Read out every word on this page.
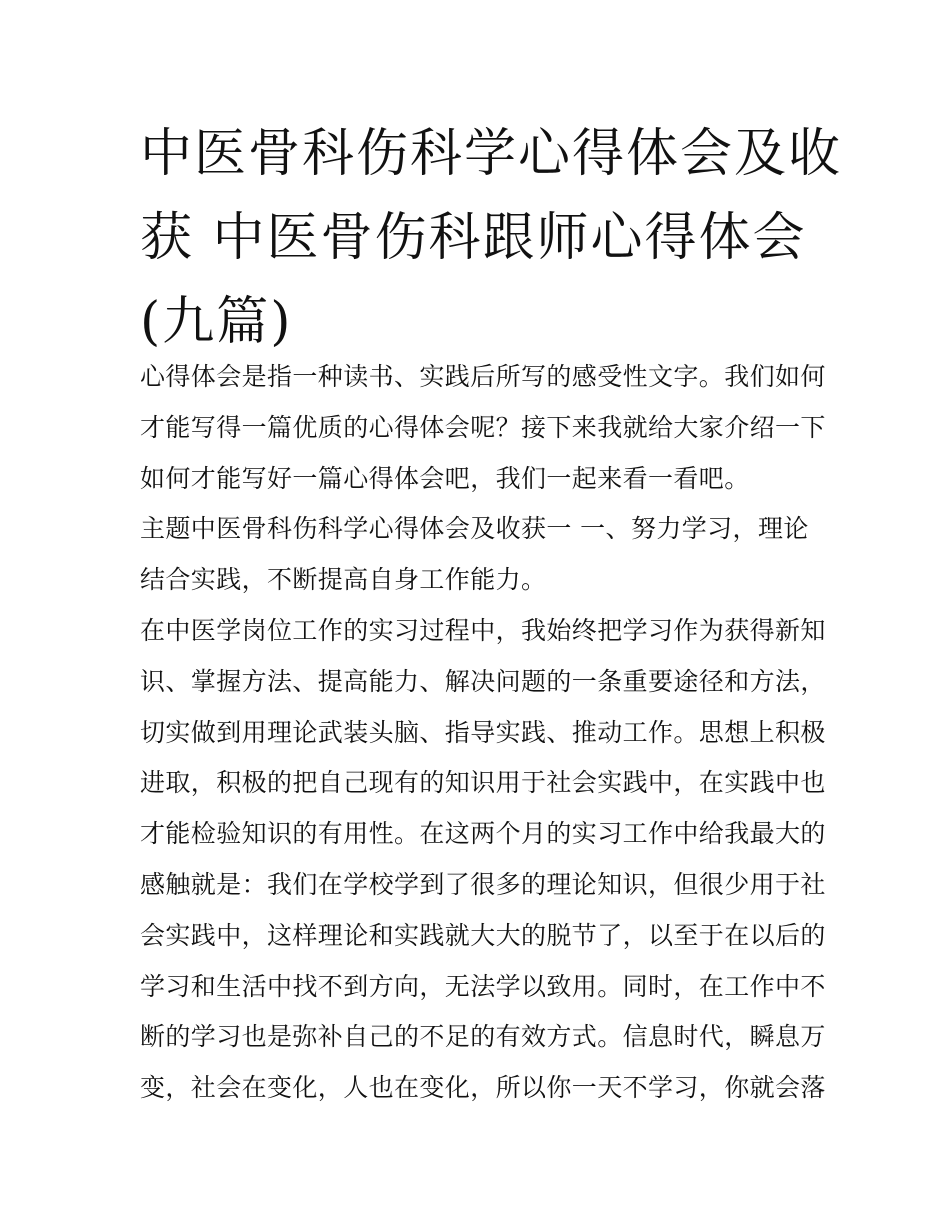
中医骨科伤科学心得体会及收
获 中医骨伤科跟师心得体会
(九篇)
心得体会是指一种读书、实践后所写的感受性文字。我们如何
才能写得一篇优质的心得体会呢？接下来我就给大家介绍一下
如何才能写好一篇心得体会吧，我们一起来看一看吧。
主题中医骨科伤科学心得体会及收获一 一、努力学习，理论
结合实践，不断提高自身工作能力。
在中医学岗位工作的实习过程中，我始终把学习作为获得新知
识、掌握方法、提高能力、解决问题的一条重要途径和方法，
切实做到用理论武装头脑、指导实践、推动工作。思想上积极
进取，积极的把自己现有的知识用于社会实践中，在实践中也
才能检验知识的有用性。在这两个月的实习工作中给我最大的
感触就是：我们在学校学到了很多的理论知识，但很少用于社
会实践中，这样理论和实践就大大的脱节了，以至于在以后的
学习和生活中找不到方向，无法学以致用。同时，在工作中不
断的学习也是弥补自己的不足的有效方式。信息时代，瞬息万
变，社会在变化，人也在变化，所以你一天不学习，你就会落
